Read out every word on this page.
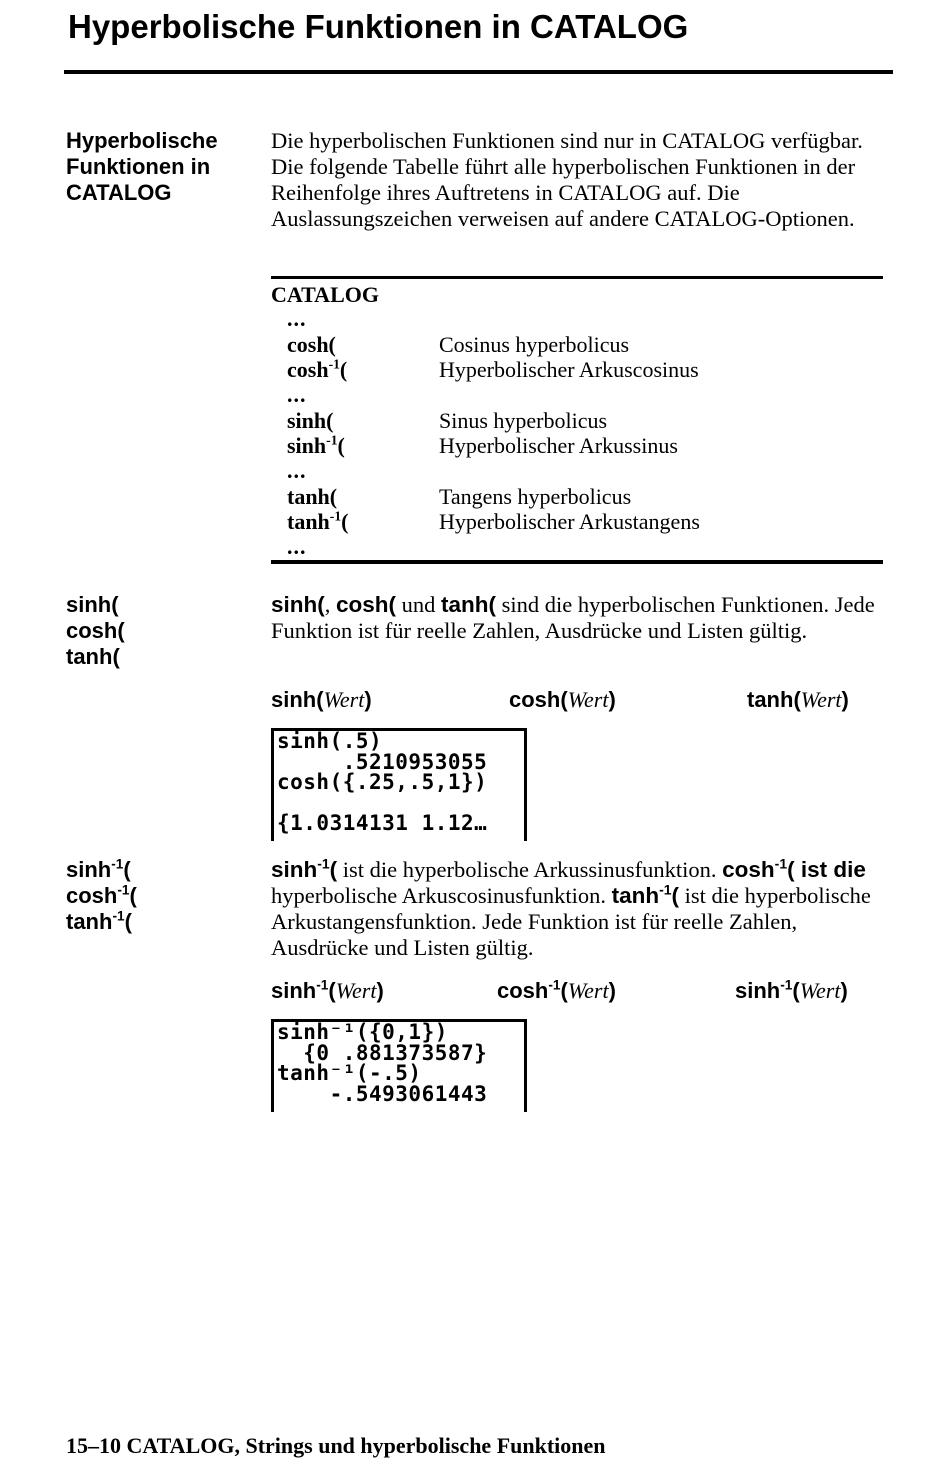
Hyperbolische Funktionen in CATALOG
Hyperbolische
Funktionen in
CATALOG
Die hyperbolischen Funktionen sind nur in CATALOG verfügbar. Die folgende Tabelle führt alle hyperbolischen Funktionen in der Reihenfolge ihres Auftretens in CATALOG auf. Die Auslassungszeichen verweisen auf andere CATALOG-Optionen.
CATALOG
...
cosh(	Cosinus hyperbolicus
$\cosh^{-1}$(	Hyperbolischer Arkuscosinus
...
sinh(	Sinus hyperbolicus
$\sinh^{-1}$(	Hyperbolischer Arkussinus
...
tanh(	Tangens hyperbolicus
$\tanh^{-1}$(	Hyperbolischer Arkustangens
...
sinh(
cosh(
tanh(
sinh(, cosh( und tanh( sind die hyperbolischen Funktionen. Jede Funktion ist für reelle Zahlen, Ausdrücke und Listen gültig.
sinh(Wert)	cosh(Wert)	tanh(Wert)
sinh(.5)
.5210953055
cosh({.25,.5,1})
{1.0314131 1.12…
$\sinh^{-1}$(
$\cosh^{-1}$(
$\tanh^{-1}$(
$\sinh^{-1}$( ist die hyperbolische Arkussinusfunktion. $\cosh^{-1}$( ist die hyperbolische Arkuscosinusfunktion. $\tanh^{-1}$( ist die hyperbolische Arkustangensfunktion. Jede Funktion ist für reelle Zahlen, Ausdrücke und Listen gültig.
$\sinh^{-1}(Wert)$	$\cosh^{-1}(Wert)$	$\sinh^{-1}(Wert)$
sinh⁻¹({0,1})
{0 .881373587}
tanh⁻¹(-.5)
-.5493061443
15–10 CATALOG, Strings und hyperbolische Funktionen
